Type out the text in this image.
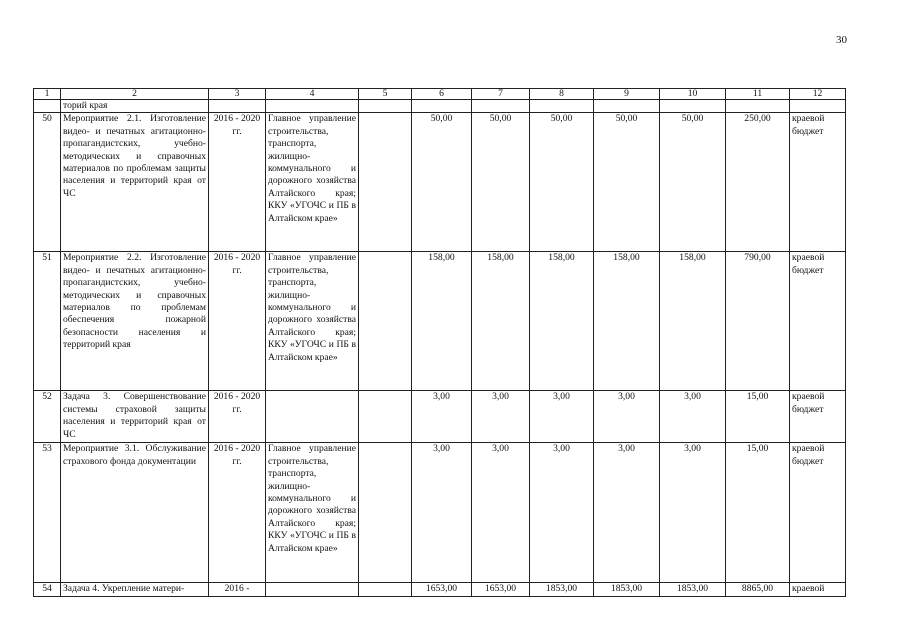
30
1	2	3	4	5	6	7	8	9	10	11	12
	торий края										
50	Мероприятие 2.1. Изготовление видео- и печатных агитационно-пропагандистских, учебно-методических и справочных материалов по проблемам защиты населения и территорий края от ЧС	2016 - 2020 гг.	Главное управление строительства, транспорта, жилищно-коммунального и дорожного хозяйства Алтайского края; ККУ «УГОЧС и ПБ в Алтайском крае»		50,00	50,00	50,00	50,00	50,00	250,00	краевой бюджет
51	Мероприятие 2.2. Изготовление видео- и печатных агитационно-пропагандистских, учебно-методических и справочных материалов по проблемам обеспечения пожарной безопасности населения и территорий края	2016 - 2020 гг.	Главное управление строительства, транспорта, жилищно-коммунального и дорожного хозяйства Алтайского края; ККУ «УГОЧС и ПБ в Алтайском крае»		158,00	158,00	158,00	158,00	158,00	790,00	краевой бюджет
52	Задача 3. Совершенствование системы страховой защиты населения и территорий края от ЧС	2016 - 2020 гг.			3,00	3,00	3,00	3,00	3,00	15,00	краевой бюджет
53	Мероприятие 3.1. Обслуживание страхового фонда документации	2016 - 2020 гг.	Главное управление строительства, транспорта, жилищно-коммунального и дорожного хозяйства Алтайского края; ККУ «УГОЧС и ПБ в Алтайском крае»		3,00	3,00	3,00	3,00	3,00	15,00	краевой бюджет
54	Задача 4. Укрепление матери-	2016 -			1653,00	1653,00	1853,00	1853,00	1853,00	8865,00	краевой
